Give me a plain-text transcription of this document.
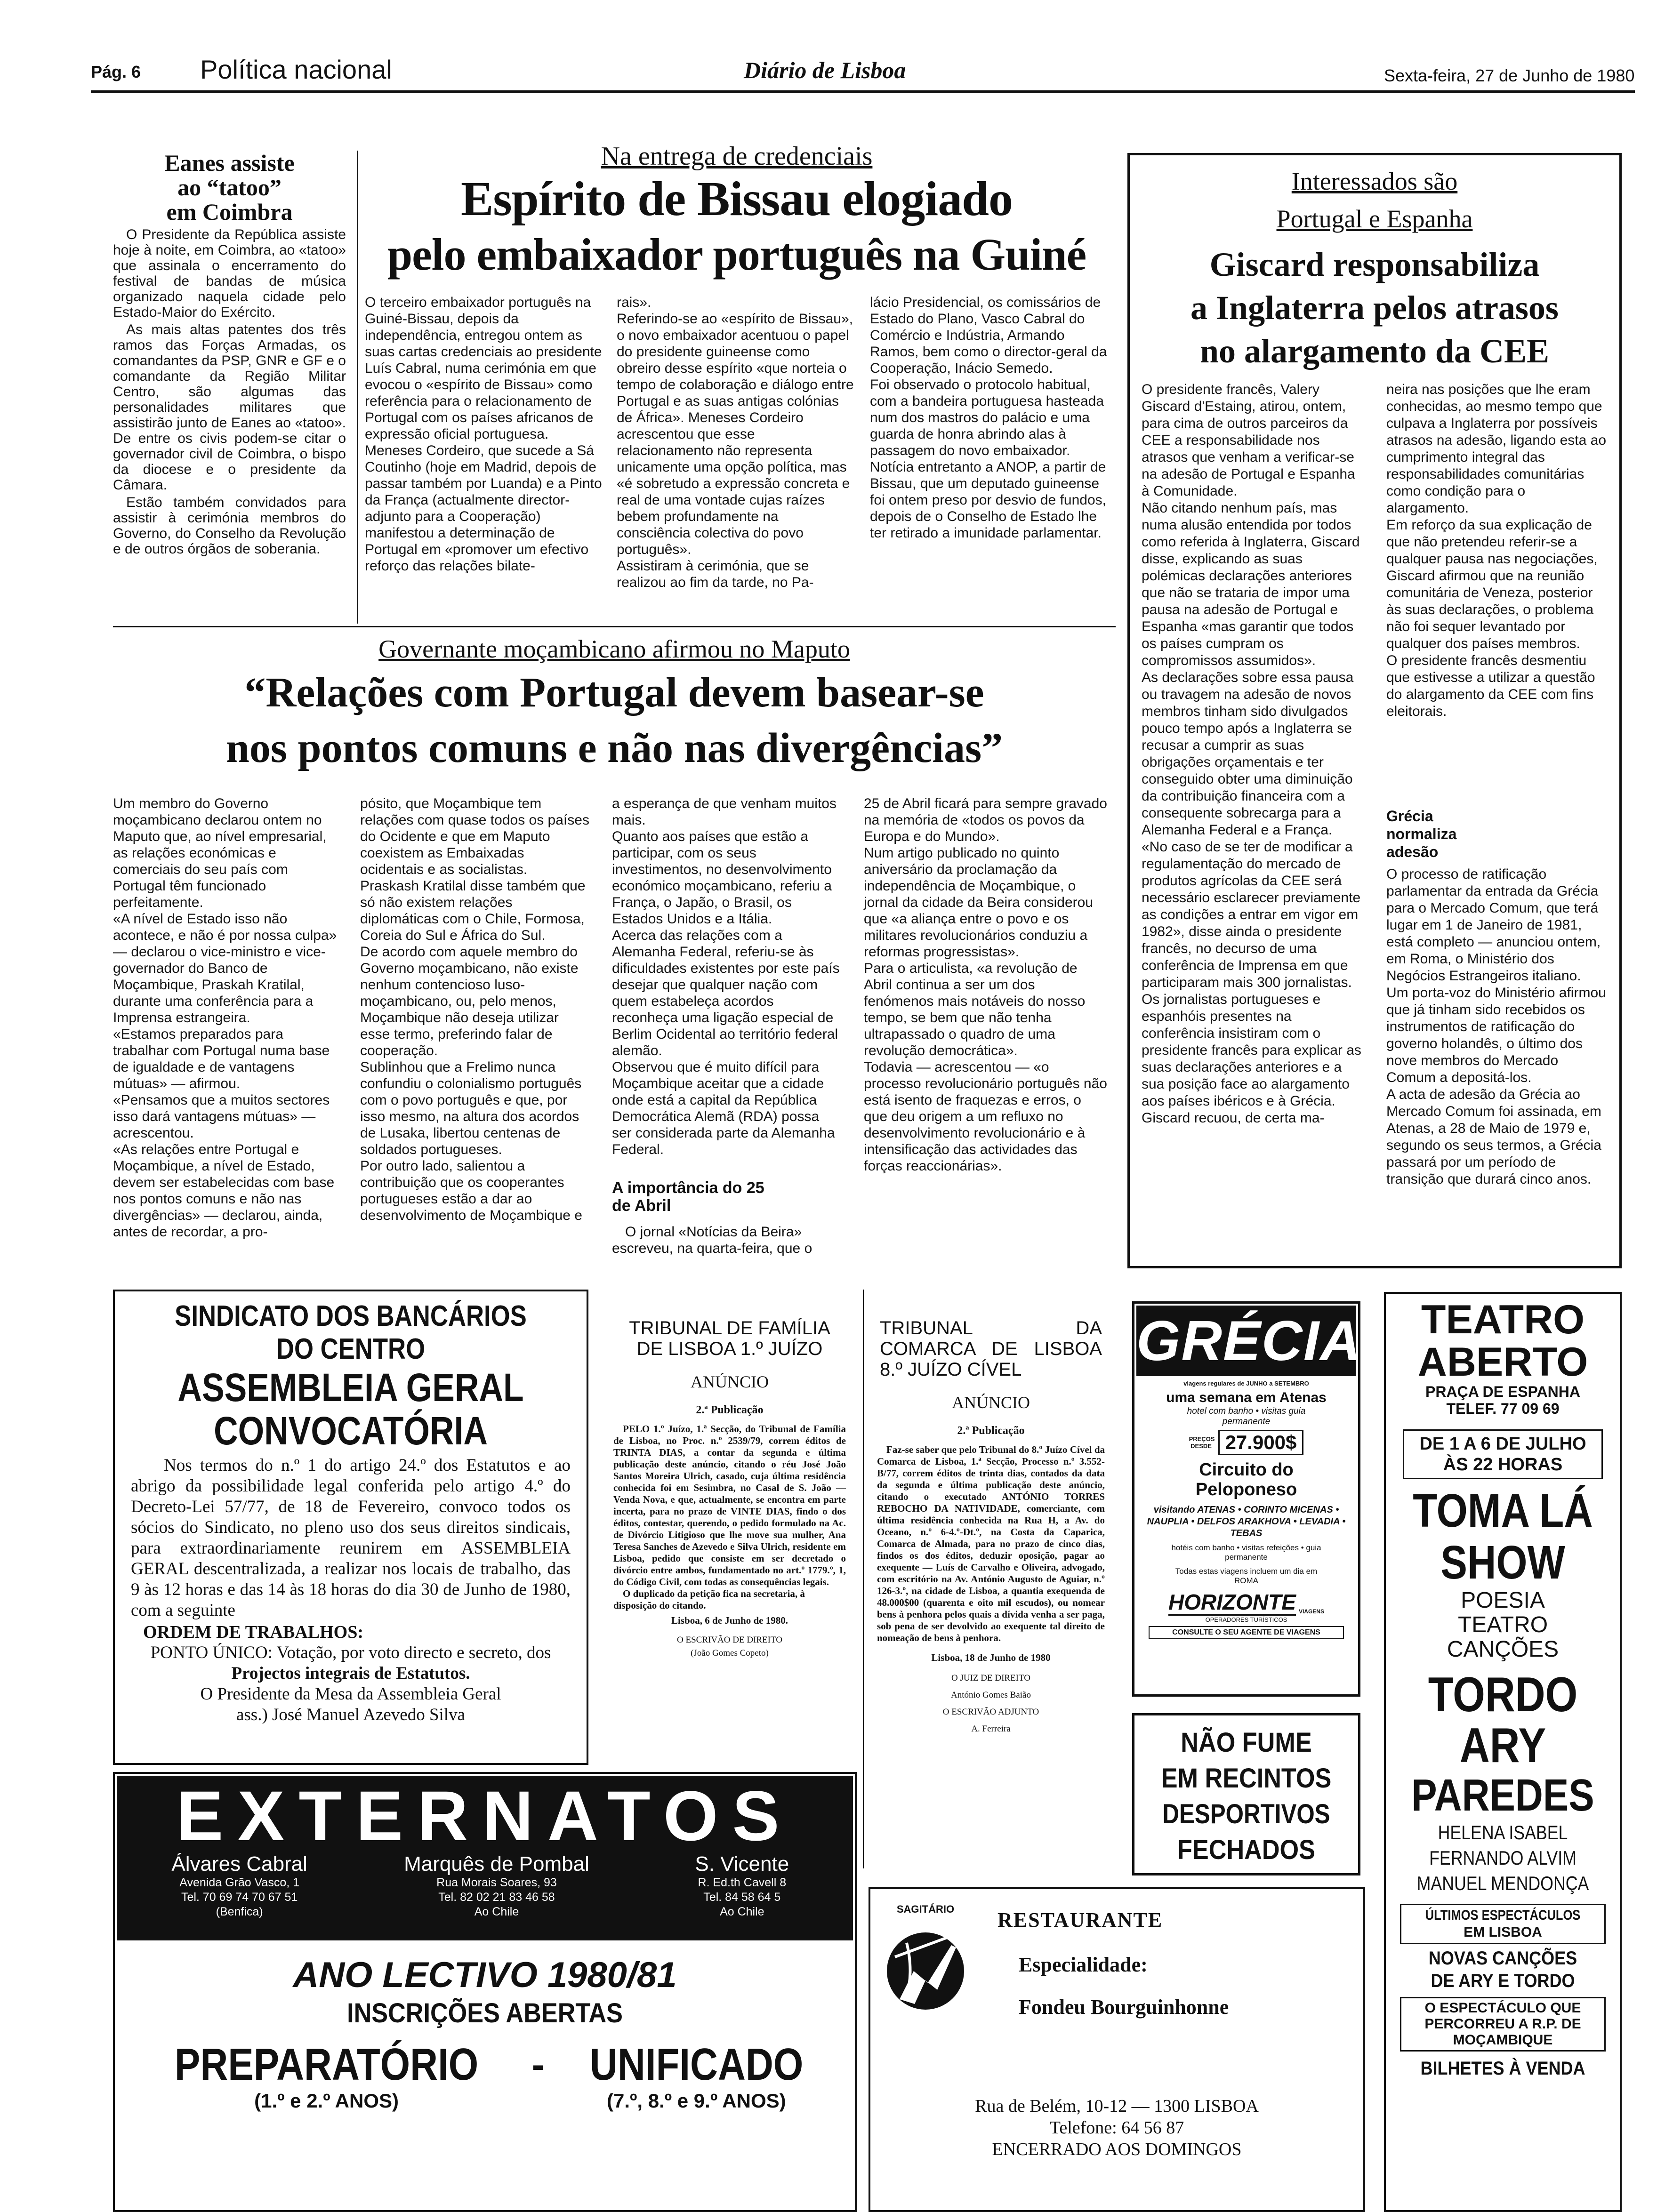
Pág. 6 Política nacional	Diário de Lisboa	Sexta-feira, 27 de Junho de 1980
Eanes assiste
ao “tatoo”
em Coimbra

O Presidente da República assiste hoje à noite, em Coimbra, ao «tatoo» que assinala o encerramento do festival de bandas de música organizado naquela cidade pelo Estado-Maior do Exército.

As mais altas patentes dos três ramos das Forças Armadas, os comandantes da PSP, GNR e GF e o comandante da Região Militar Centro, são algumas das personalidades militares que assistirão junto de Eanes ao «tatoo». De entre os civis podem-se citar o governador civil de Coimbra, o bispo da diocese e o presidente da Câmara.

Estão também convidados para assistir à cerimónia membros do Governo, do Conselho da Revolução e de outros órgãos de soberania.

Na entrega de credenciais
Espírito de Bissau elogiado
pelo embaixador português na Guiné
O terceiro embaixador português na Guiné-Bissau, depois da independência, entregou ontem as suas cartas credenciais ao presidente Luís Cabral, numa cerimónia em que evocou o «espírito de Bissau» como referência para o relacionamento de Portugal com os países africanos de expressão oficial portuguesa.
Meneses Cordeiro, que sucede a Sá Coutinho (hoje em Madrid, depois de passar também por Luanda) e a Pinto da França (actualmente director-adjunto para a Cooperação) manifestou a determinação de Portugal em «promover um efectivo reforço das relações bilate-
rais».
Referindo-se ao «espírito de Bissau», o novo embaixador acentuou o papel do presidente guineense como obreiro desse espírito «que norteia o tempo de colaboração e diálogo entre Portugal e as suas antigas colónias de África». Meneses Cordeiro acrescentou que esse relacionamento não representa unicamente uma opção política, mas «é sobretudo a expressão concreta e real de uma vontade cujas raízes bebem profundamente na consciência colectiva do povo português».
Assistiram à cerimónia, que se realizou ao fim da tarde, no Pa-
lácio Presidencial, os comissários de Estado do Plano, Vasco Cabral do Comércio e Indústria, Armando Ramos, bem como o director-geral da Cooperação, Inácio Semedo.
Foi observado o protocolo habitual, com a bandeira portuguesa hasteada num dos mastros do palácio e uma guarda de honra abrindo alas à passagem do novo embaixador.
Notícia entretanto a ANOP, a partir de Bissau, que um deputado guineense foi ontem preso por desvio de fundos, depois de o Conselho de Estado lhe ter retirado a imunidade parlamentar.
Interessados são
Portugal e Espanha
Giscard responsabiliza
a Inglaterra pelos atrasos
no alargamento da CEE
O presidente francês, Valery Giscard d'Estaing, atirou, ontem, para cima de outros parceiros da CEE a responsabilidade nos atrasos que venham a verificar-se na adesão de Portugal e Espanha à Comunidade.
Não citando nenhum país, mas numa alusão entendida por todos como referida à Inglaterra, Giscard disse, explicando as suas polémicas declarações anteriores que não se trataria de impor uma pausa na adesão de Portugal e Espanha «mas garantir que todos os países cumpram os compromissos assumidos».
As declarações sobre essa pausa ou travagem na adesão de novos membros tinham sido divulgados pouco tempo após a Inglaterra se recusar a cumprir as suas obrigações orçamentais e ter conseguido obter uma diminuição da contribuição financeira com a consequente sobrecarga para a Alemanha Federal e a França.
«No caso de se ter de modificar a regulamentação do mercado de produtos agrícolas da CEE será necessário esclarecer previamente as condições a entrar em vigor em 1982», disse ainda o presidente francês, no decurso de uma conferência de Imprensa em que participaram mais 300 jornalistas.
Os jornalistas portugueses e espanhóis presentes na conferência insistiram com o presidente francês para explicar as suas declarações anteriores e a sua posição face ao alargamento aos países ibéricos e à Grécia. Giscard recuou, de certa ma-
neira nas posições que lhe eram conhecidas, ao mesmo tempo que culpava a Inglaterra por possíveis atrasos na adesão, ligando esta ao cumprimento integral das responsabilidades comunitárias como condição para o alargamento.
Em reforço da sua explicação de que não pretendeu referir-se a qualquer pausa nas negociações, Giscard afirmou que na reunião comunitária de Veneza, posterior às suas declarações, o problema não foi sequer levantado por qualquer dos países membros.
O presidente francês desmentiu que estivesse a utilizar a questão do alargamento da CEE com fins eleitorais.
Grécia normaliza adesão
O processo de ratificação parlamentar da entrada da Grécia para o Mercado Comum, que terá lugar em 1 de Janeiro de 1981, está completo — anunciou ontem, em Roma, o Ministério dos Negócios Estrangeiros italiano.
Um porta-voz do Ministério afirmou que já tinham sido recebidos os instrumentos de ratificação do governo holandês, o último dos nove membros do Mercado Comum a depositá-los.
A acta de adesão da Grécia ao Mercado Comum foi assinada, em Atenas, a 28 de Maio de 1979 e, segundo os seus termos, a Grécia passará por um período de transição que durará cinco anos.
Governante moçambicano afirmou no Maputo
“Relações com Portugal devem basear-se
nos pontos comuns e não nas divergências”
Um membro do Governo moçambicano declarou ontem no Maputo que, ao nível empresarial, as relações económicas e comerciais do seu país com Portugal têm funcionado perfeitamente.
«A nível de Estado isso não acontece, e não é por nossa culpa» — declarou o vice-ministro e vice-governador do Banco de Moçambique, Praskah Kratilal, durante uma conferência para a Imprensa estrangeira.
«Estamos preparados para trabalhar com Portugal numa base de igualdade e de vantagens mútuas» — afirmou.
«Pensamos que a muitos sectores isso dará vantagens mútuas» — acrescentou.
«As relações entre Portugal e Moçambique, a nível de Estado, devem ser estabelecidas com base nos pontos comuns e não nas divergências» — declarou, ainda, antes de recordar, a pro-
pósito, que Moçambique tem relações com quase todos os países do Ocidente e que em Maputo coexistem as Embaixadas ocidentais e as socialistas.
Praskash Kratilal disse também que só não existem relações diplomáticas com o Chile, Formosa, Coreia do Sul e África do Sul.
De acordo com aquele membro do Governo moçambicano, não existe nenhum contencioso luso-moçambicano, ou, pelo menos, Moçambique não deseja utilizar esse termo, preferindo falar de cooperação.
Sublinhou que a Frelimo nunca confundiu o colonialismo português com o povo português e que, por isso mesmo, na altura dos acordos de Lusaka, libertou centenas de soldados portugueses.
Por outro lado, salientou a contribuição que os cooperantes portugueses estão a dar ao desenvolvimento de Moçambique e
a esperança de que venham muitos mais.
Quanto aos países que estão a participar, com os seus investimentos, no desenvolvimento económico moçambicano, referiu a França, o Japão, o Brasil, os Estados Unidos e a Itália.
Acerca das relações com a Alemanha Federal, referiu-se às dificuldades existentes por este país desejar que qualquer nação com quem estabeleça acordos reconheça uma ligação especial de Berlim Ocidental ao território federal alemão.
Observou que é muito difícil para Moçambique aceitar que a cidade onde está a capital da República Democrática Alemã (RDA) possa ser considerada parte da Alemanha Federal.
A importância do 25 de Abril
O jornal «Notícias da Beira» escreveu, na quarta-feira, que o
25 de Abril ficará para sempre gravado na memória de «todos os povos da Europa e do Mundo».
Num artigo publicado no quinto aniversário da proclamação da independência de Moçambique, o jornal da cidade da Beira considerou que «a aliança entre o povo e os militares revolucionários conduziu a reformas progressistas».
Para o articulista, «a revolução de Abril continua a ser um dos fenómenos mais notáveis do nosso tempo, se bem que não tenha ultrapassado o quadro de uma revolução democrática».
Todavia — acrescentou — «o processo revolucionário português não está isento de fraquezas e erros, o que deu origem a um refluxo no desenvolvimento revolucionário e à intensificação das actividades das forças reaccionárias».
SINDICATO DOS BANCÁRIOS
DO CENTRO
ASSEMBLEIA GERAL
CONVOCATÓRIA
Nos termos do n.º 1 do artigo 24.º dos Estatutos e ao abrigo da possibilidade legal conferida pelo artigo 4.º do Decreto-Lei 57/77, de 18 de Fevereiro, convoco todos os sócios do Sindicato, no pleno uso dos seus direitos sindicais, para extraordinariamente reunirem em ASSEMBLEIA GERAL descentralizada, a realizar nos locais de trabalho, das 9 às 12 horas e das 14 às 18 horas do dia 30 de Junho de 1980, com a seguinte
ORDEM DE TRABALHOS:
PONTO ÚNICO: Votação, por voto directo e secreto, dos
Projectos integrais de Estatutos.
O Presidente da Mesa da Assembleia Geral
ass.) José Manuel Azevedo Silva
TRIBUNAL DE FAMÍLIA DE LISBOA 1.º JUÍZO
ANÚNCIO
2.ª Publicação
PELO 1.º Juízo, 1.ª Secção, do Tribunal de Família de Lisboa, no Proc. n.º 2539/79, correm éditos de TRINTA DIAS, a contar da segunda e última publicação deste anúncio, citando o réu José João Santos Moreira Ulrich, casado, cuja última residência conhecida foi em Sesimbra, no Casal de S. João — Venda Nova, e que, actualmente, se encontra em parte incerta, para no prazo de VINTE DIAS, findo o dos éditos, contestar, querendo, o pedido formulado na Ac. de Divórcio Litigioso que lhe move sua mulher, Ana Teresa Sanches de Azevedo e Silva Ulrich, residente em Lisboa, pedido que consiste em ser decretado o divórcio entre ambos, fundamentado no art.º 1779.º, 1, do Código Civil, com todas as consequências legais.
O duplicado da petição fica na secretaria, à disposição do citando.
Lisboa, 6 de Junho de 1980.
O ESCRIVÃO DE DIREITO
(João Gomes Copeto)
TRIBUNAL DA COMARCA DE LISBOA 8.º JUÍZO CÍVEL
ANÚNCIO
2.ª Publicação
Faz-se saber que pelo Tribunal do 8.º Juízo Cível da Comarca de Lisboa, 1.ª Secção, Processo n.º 3.552-B/77, correm éditos de trinta dias, contados da data da segunda e última publicação deste anúncio, citando o executado ANTÓNIO TORRES REBOCHO DA NATIVIDADE, comerciante, com última residência conhecida na Rua H, a Av. do Oceano, n.º 6-4.º-Dt.º, na Costa da Caparica, Comarca de Almada, para no prazo de cinco dias, findos os dos éditos, deduzir oposição, pagar ao exequente — Luís de Carvalho e Oliveira, advogado, com escritório na Av. António Augusto de Aguiar, n.º 126-3.º, na cidade de Lisboa, a quantia exequenda de 48.000$00 (quarenta e oito mil escudos), ou nomear bens à penhora pelos quais a dívida venha a ser paga, sob pena de ser devolvido ao exequente tal direito de nomeação de bens à penhora.
Lisboa, 18 de Junho de 1980
O JUIZ DE DIREITO
António Gomes Baião
O ESCRIVÃO ADJUNTO
A. Ferreira
GRÉCIA
viagens regulares de JUNHO a SETEMBRO
uma semana em Atenas
hotel com banho • visitas guia permanente
PREÇOS DESDE 27.900$
Circuito do Peloponeso
visitando ATENAS • CORINTO MICENAS • NAUPLIA • DELFOS ARAKHOVA • LEVADIA • TEBAS
hotéis com banho • visitas refeições • guia permanente
Todas estas viagens incluem um dia em ROMA
HORIZONTE VIAGENS
OPERADORES TURÍSTICOS
CONSULTE O SEU AGENTE DE VIAGENS
NÃO FUME
EM RECINTOS
DESPORTIVOS
FECHADOS
TEATRO
ABERTO
PRAÇA DE ESPANHA
TELEF. 77 09 69
DE 1 A 6 DE JULHO
ÀS 22 HORAS
TOMA LÁ
SHOW
POESIA
TEATRO
CANÇÕES
TORDO
ARY
PAREDES
HELENA ISABEL
FERNANDO ALVIM
MANUEL MENDONÇA
ÚLTIMOS ESPECTÁCULOS
EM LISBOA
NOVAS CANÇÕES
DE ARY E TORDO
O ESPECTÁCULO QUE
PERCORREU A R.P. DE
MOÇAMBIQUE
BILHETES À VENDA
EXTERNATOS
Álvares Cabral
Avenida Grão Vasco, 1
Tel. 70 69 74 70 67 51
(Benfica)
Marquês de Pombal
Rua Morais Soares, 93
Tel. 82 02 21 83 46 58
Ao Chile
S. Vicente
R. Ed.th Cavell 8
Tel. 84 58 64 5
Ao Chile
ANO LECTIVO 1980/81
INSCRIÇÕES ABERTAS
PREPARATÓRIO
(1.º e 2.º ANOS)
- UNIFICADO
(7.º, 8.º e 9.º ANOS)
SAGITÁRIO	RESTAURANTE
Especialidade:
Fondeu Bourguinhonne
Rua de Belém, 10-12 — 1300 LISBOA
Telefone: 64 56 87
ENCERRADO AOS DOMINGOS
